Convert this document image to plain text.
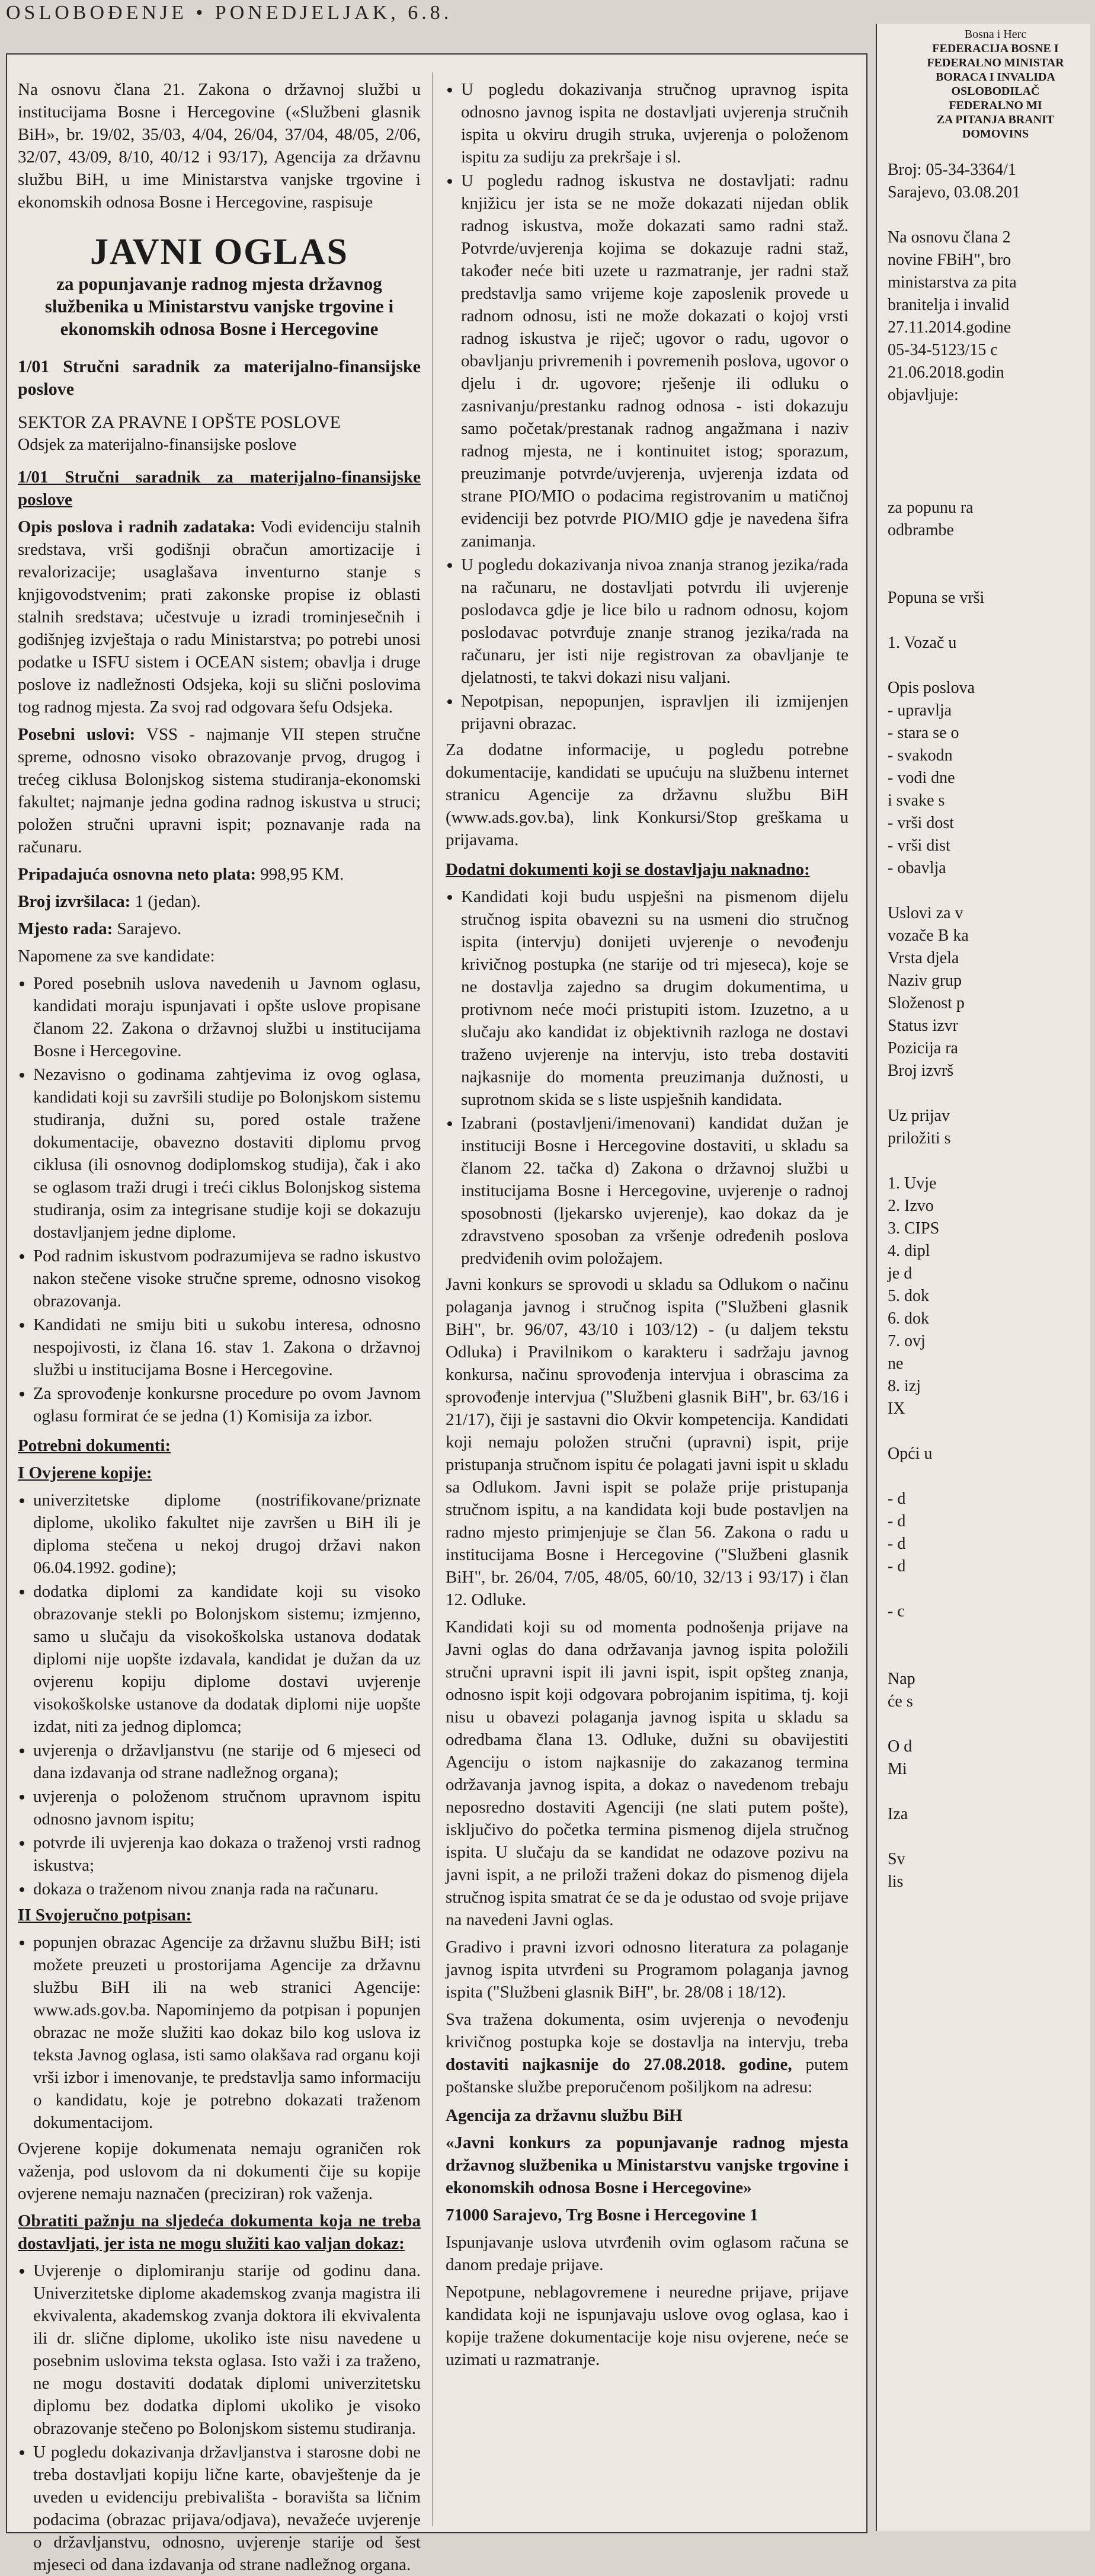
OSLOBOĐENJE • PONEDJELJAK, 6.8.

Na osnovu člana 21. Zakona o državnoj službi u institucijama Bosne i Hercegovine («Službeni glasnik BiH», br. 19/02, 35/03, 4/04, 26/04, 37/04, 48/05, 2/06, 32/07, 43/09, 8/10, 40/12 i 93/17), Agencija za državnu službu BiH, u ime Ministarstva vanjske trgovine i ekonomskih odnosa Bosne i Hercegovine, raspisuje

JAVNI OGLAS
za popunjavanje radnog mjesta državnog službenika u Ministarstvu vanjske trgovine i ekonomskih odnosa Bosne i Hercegovine
1/01 Stručni saradnik za materijalno-finansijske poslove

SEKTOR ZA PRAVNE I OPŠTE POSLOVE

Odsjek za materijalno-finansijske poslove

1/01 Stručni saradnik za materijalno-finansijske poslove

Opis poslova i radnih zadataka: Vodi evidenciju stalnih sredstava, vrši godišnji obračun amortizacije i revalorizacije; usaglašava inventurno stanje s knjigovodstvenim; prati zakonske propise iz oblasti stalnih sredstava; učestvuje u izradi trominjesečnih i godišnjeg izvještaja o radu Ministarstva; po potrebi unosi podatke u ISFU sistem i OCEAN sistem; obavlja i druge poslove iz nadležnosti Odsjeka, koji su slični poslovima tog radnog mjesta. Za svoj rad odgovara šefu Odsjeka.

Posebni uslovi: VSS - najmanje VII stepen stručne spreme, odnosno visoko obrazovanje prvog, drugog i trećeg ciklusa Bolonjskog sistema studiranja-ekonomski fakultet; najmanje jedna godina radnog iskustva u struci; položen stručni upravni ispit; poznavanje rada na računaru.

Pripadajuća osnovna neto plata: 998,95 KM.

Broj izvršilaca: 1 (jedan).

Mjesto rada: Sarajevo.

Napomene za sve kandidate:

• Pored posebnih uslova navedenih u Javnom oglasu, kandidati moraju ispunjavati i opšte uslove propisane članom 22. Zakona o državnoj službi u institucijama Bosne i Hercegovine.
• Nezavisno o godinama zahtjevima iz ovog oglasa, kandidati koji su završili studije po Bolonjskom sistemu studiranja, dužni su, pored ostale tražene dokumentacije, obavezno dostaviti diplomu prvog ciklusa (ili osnovnog dodiplomskog studija), čak i ako se oglasom traži drugi i treći ciklus Bolonjskog sistema studiranja, osim za integrisane studije koji se dokazuju dostavljanjem jedne diplome.
• Pod radnim iskustvom podrazumijeva se radno iskustvo nakon stečene visoke stručne spreme, odnosno visokog obrazovanja.
• Kandidati ne smiju biti u sukobu interesa, odnosno nespojivosti, iz člana 16. stav 1. Zakona o državnoj službi u institucijama Bosne i Hercegovine.
• Za sprovođenje konkursne procedure po ovom Javnom oglasu formirat će se jedna (1) Komisija za izbor.

Potrebni dokumenti:

I Ovjerene kopije:

• univerzitetske diplome (nostrifikovane/priznate diplome, ukoliko fakultet nije završen u BiH ili je diploma stečena u nekoj drugoj državi nakon 06.04.1992. godine);
• dodatka diplomi za kandidate koji su visoko obrazovanje stekli po Bolonjskom sistemu; izmjenno, samo u slučaju da visokoškolska ustanova dodatak diplomi nije uopšte izdavala, kandidat je dužan da uz ovjerenu kopiju diplome dostavi uvjerenje visokoškolske ustanove da dodatak diplomi nije uopšte izdat, niti za jednog diplomca;
• uvjerenja o državljanstvu (ne starije od 6 mjeseci od dana izdavanja od strane nadležnog organa);
• uvjerenja o položenom stručnom upravnom ispitu odnosno javnom ispitu;
• potvrde ili uvjerenja kao dokaza o traženoj vrsti radnog iskustva;
• dokaza o traženom nivou znanja rada na računaru.

II Svojeručno potpisan:

• popunjen obrazac Agencije za državnu službu BiH; isti možete preuzeti u prostorijama Agencije za državnu službu BiH ili na web stranici Agencije: www.ads.gov.ba. Napominjemo da potpisan i popunjen obrazac ne može služiti kao dokaz bilo kog uslova iz teksta Javnog oglasa, isti samo olakšava rad organu koji vrši izbor i imenovanje, te predstavlja samo informaciju o kandidatu, koje je potrebno dokazati traženom dokumentacijom.

Ovjerene kopije dokumenata nemaju ograničen rok važenja, pod uslovom da ni dokumenti čije su kopije ovjerene nemaju naznačen (preciziran) rok važenja.

Obratiti pažnju na sljedeća dokumenta koja ne treba dostavljati, jer ista ne mogu služiti kao valjan dokaz:

• Uvjerenje o diplomiranju starije od godinu dana. Univerzitetske diplome akademskog zvanja magistra ili ekvivalenta, akademskog zvanja doktora ili ekvivalenta ili dr. slične diplome, ukoliko iste nisu navedene u posebnim uslovima teksta oglasa. Isto važi i za traženo, ne mogu dostaviti dodatak diplomi univerzitetsku diplomu bez dodatka diplomi ukoliko je visoko obrazovanje stečeno po Bolonjskom sistemu studiranja.
• U pogledu dokazivanja državljanstva i starosne dobi ne treba dostavljati kopiju lične karte, obavještenje da je uveden u evidenciju prebivališta - boravišta sa ličnim podacima (obrazac prijava/odjava), nevažeće uvjerenje o državljanstvu, odnosno, uvjerenje starije od šest mjeseci od dana izdavanja od strane nadležnog organa.
• U pogledu dokazivanja stručnog upravnog ispita odnosno javnog ispita ne dostavljati uvjerenja stručnih ispita u okviru drugih struka, uvjerenja o položenom ispitu za sudiju za prekršaje i sl.
• U pogledu radnog iskustva ne dostavljati: radnu knjižicu jer ista se ne može dokazati nijedan oblik radnog iskustva, može dokazati samo radni staž. Potvrde/uvjerenja kojima se dokazuje radni staž, također neće biti uzete u razmatranje, jer radni staž predstavlja samo vrijeme koje zaposlenik provede u radnom odnosu, isti ne može dokazati o kojoj vrsti radnog iskustva je riječ; ugovor o radu, ugovor o obavljanju privremenih i povremenih poslova, ugovor o djelu i dr. ugovore; rješenje ili odluku o zasnivanju/prestanku radnog odnosa - isti dokazuju samo početak/prestanak radnog angažmana i naziv radnog mjesta, ne i kontinuitet istog; sporazum, preuzimanje potvrde/uvjerenja, uvjerenja izdata od strane PIO/MIO o podacima registrovanim u matičnoj evidenciji bez potvrde PIO/MIO gdje je navedena šifra zanimanja.
• U pogledu dokazivanja nivoa znanja stranog jezika/rada na računaru, ne dostavljati potvrdu ili uvjerenje poslodavca gdje je lice bilo u radnom odnosu, kojom poslodavac potvrđuje znanje stranog jezika/rada na računaru, jer isti nije registrovan za obavljanje te djelatnosti, te takvi dokazi nisu valjani.
• Nepotpisan, nepopunjen, ispravljen ili izmijenjen prijavni obrazac.

Za dodatne informacije, u pogledu potrebne dokumentacije, kandidati se upućuju na službenu internet stranicu Agencije za državnu službu BiH (www.ads.gov.ba), link Konkursi/Stop greškama u prijavama.

Dodatni dokumenti koji se dostavljaju naknadno:

• Kandidati koji budu uspješni na pismenom dijelu stručnog ispita obavezni su na usmeni dio stručnog ispita (intervju) donijeti uvjerenje o nevođenju krivičnog postupka (ne starije od tri mjeseca), koje se ne dostavlja zajedno sa drugim dokumentima, u protivnom neće moći pristupiti istom. Izuzetno, a u slučaju ako kandidat iz objektivnih razloga ne dostavi traženo uvjerenje na intervju, isto treba dostaviti najkasnije do momenta preuzimanja dužnosti, u suprotnom skida se s liste uspješnih kandidata.
• Izabrani (postavljeni/imenovani) kandidat dužan je instituciji Bosne i Hercegovine dostaviti, u skladu sa članom 22. tačka d) Zakona o državnoj službi u institucijama Bosne i Hercegovine, uvjerenje o radnoj sposobnosti (ljekarsko uvjerenje), kao dokaz da je zdravstveno sposoban za vršenje određenih poslova predviđenih ovim položajem.

Javni konkurs se sprovodi u skladu sa Odlukom o načinu polaganja javnog i stručnog ispita ("Službeni glasnik BiH", br. 96/07, 43/10 i 103/12) - (u daljem tekstu Odluka) i Pravilnikom o karakteru i sadržaju javnog konkursa, načinu sprovođenja intervjua i obrascima za sprovođenje intervjua ("Službeni glasnik BiH", br. 63/16 i 21/17), čiji je sastavni dio Okvir kompetencija. Kandidati koji nemaju položen stručni (upravni) ispit, prije pristupanja stručnom ispitu će polagati javni ispit u skladu sa Odlukom. Javni ispit se polaže prije pristupanja stručnom ispitu, a na kandidata koji bude postavljen na radno mjesto primjenjuje se član 56. Zakona o radu u institucijama Bosne i Hercegovine ("Službeni glasnik BiH", br. 26/04, 7/05, 48/05, 60/10, 32/13 i 93/17) i član 12. Odluke.

Kandidati koji su od momenta podnošenja prijave na Javni oglas do dana održavanja javnog ispita položili stručni upravni ispit ili javni ispit, ispit opšteg znanja, odnosno ispit koji odgovara pobrojanim ispitima, tj. koji nisu u obavezi polaganja javnog ispita u skladu sa odredbama člana 13. Odluke, dužni su obavijestiti Agenciju o istom najkasnije do zakazanog termina održavanja javnog ispita, a dokaz o navedenom trebaju neposredno dostaviti Agenciji (ne slati putem pošte), isključivo do početka termina pismenog dijela stručnog ispita. U slučaju da se kandidat ne odazove pozivu na javni ispit, a ne priloži traženi dokaz do pismenog dijela stručnog ispita smatrat će se da je odustao od svoje prijave na navedeni Javni oglas.

Gradivo i pravni izvori odnosno literatura za polaganje javnog ispita utvrđeni su Programom polaganja javnog ispita ("Službeni glasnik BiH", br. 28/08 i 18/12).

Sva tražena dokumenta, osim uvjerenja o nevođenju krivičnog postupka koje se dostavlja na intervju, treba dostaviti najkasnije do 27.08.2018. godine, putem poštanske službe preporučenom pošiljkom na adresu:

Agencija za državnu službu BiH

«Javni konkurs za popunjavanje radnog mjesta državnog službenika u Ministarstvu vanjske trgovine i ekonomskih odnosa Bosne i Hercegovine»

71000 Sarajevo, Trg Bosne i Hercegovine 1

Ispunjavanje uslova utvrđenih ovim oglasom računa se danom predaje prijave.

Nepotpune, neblagovremene i neuredne prijave, prijave kandidata koji ne ispunjavaju uslove ovog oglasa, kao i kopije tražene dokumentacije koje nisu ovjerene, neće se uzimati u razmatranje.

Bosna i Herc
FEDERACIJA BOSNE I
FEDERALNO MINISTAR
BORACA I INVALIDA
OSLOBODILAČ
FEDERALNO MI
ZA PITANJA BRANIT
DOMOVINS
Broj: 05-34-3364/1
Sarajevo, 03.08.201
Na osnovu člana 2
novine FBiH", bro
ministarstva za pita
branitelja i invalid
27.11.2014.godine
05-34-5123/15 c
21.06.2018.godin
objavljuje:
za popunu ra
odbrambe
Popuna se vrši
1. Vozač u
Opis poslova
- upravlja
- stara se o
- svakodn
- vodi dne
i svake s
- vrši dost
- vrši dist
- obavlja
Uslovi za v
vozače B ka
Vrsta djela
Naziv grup
Složenost p
Status izvr
Pozicija ra
Broj izvrš
Uz prijav
priložiti s
1. Uvje
2. Izvo
3. CIPS
4. dipl
je d
5. dok
6. dok
7. ovj
ne
8. izj
IX
Opći u
- d
- d
- d
- d
- c
Nap
će s
O d
Mi
Iza
Sv
lis
